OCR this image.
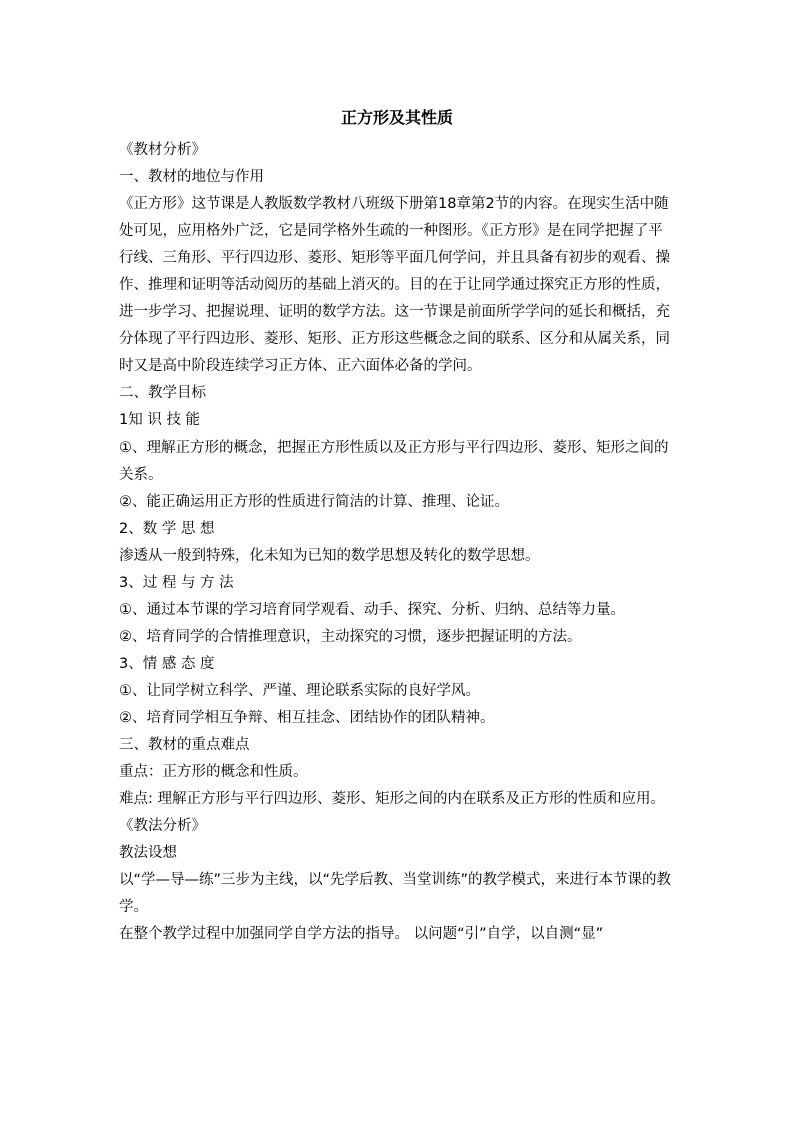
正方形及其性质

《教材分析》

一、教材的地位与作用

《正方形》这节课是人教版数学教材八班级下册第18章第2节的内容。在现实生活中随处可见，应用格外广泛，它是同学格外生疏的一种图形。《正方形》是在同学把握了平行线、三角形、平行四边形、菱形、矩形等平面几何学问，并且具备有初步的观看、操作、推理和证明等活动阅历的基础上消灭的。目的在于让同学通过探究正方形的性质，进一步学习、把握说理、证明的数学方法。这一节课是前面所学学问的延长和概括，充分体现了平行四边形、菱形、矩形、正方形这些概念之间的联系、区分和从属关系，同时又是高中阶段连续学习正方体、正六面体必备的学问。

二、教学目标

1知 识 技 能

①、理解正方形的概念，把握正方形性质以及正方形与平行四边形、菱形、矩形之间的关系。

②、能正确运用正方形的性质进行简洁的计算、推理、论证。

2、数 学 思 想

渗透从一般到特殊，化未知为已知的数学思想及转化的数学思想。

3、过 程 与 方 法

①、通过本节课的学习培育同学观看、动手、探究、分析、归纳、总结等力量。

②、培育同学的合情推理意识，主动探究的习惯，逐步把握证明的方法。

3、情 感 态 度

①、让同学树立科学、严谨、理论联系实际的良好学风。

②、培育同学相互争辩、相互挂念、团结协作的团队精神。

三、教材的重点难点

重点：正方形的概念和性质。

难点: 理解正方形与平行四边形、菱形、矩形之间的内在联系及正方形的性质和应用。

《教法分析》

教法设想

以“学—导—练”三步为主线，以“先学后教、当堂训练”的教学模式，来进行本节课的教学。

在整个教学过程中加强同学自学方法的指导。 以问题“引”自学，以自测“显”
